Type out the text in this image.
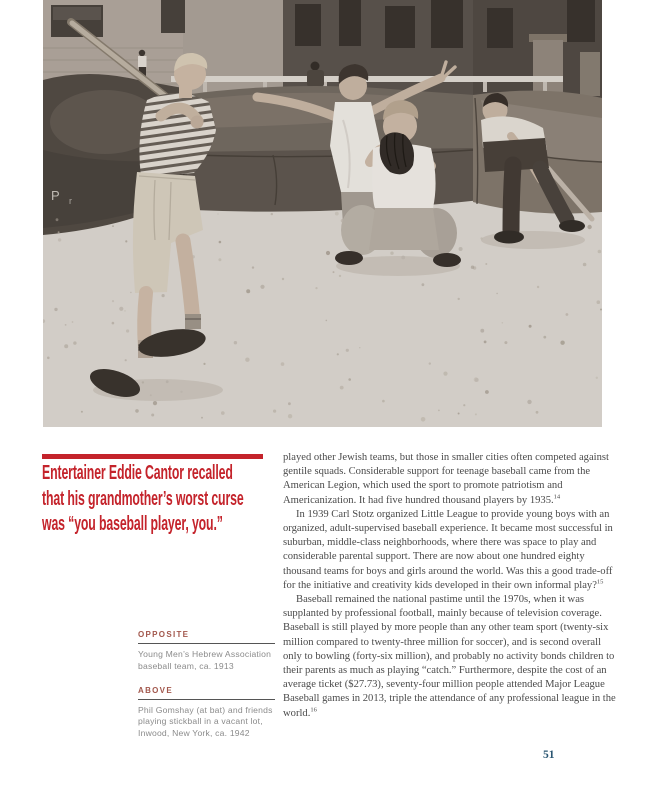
P r
Entertainer Eddie Cantor recalled
that his grandmother’s worst curse
was “you baseball player, you.”
OPPOSITE

Young Men’s Hebrew Association baseball team, ca. 1913

ABOVE

Phil Gomshay (at bat) and friends playing stickball in a vacant lot, Inwood, New York, ca. 1942

played other Jewish teams, but those in smaller cities often competed against gentile squads. Considerable support for teenage baseball came from the American Legion, which used the sport to promote patriotism and Americanization. It had five hundred thousand players by 1935.14

In 1939 Carl Stotz organized Little League to provide young boys with an organized, adult-supervised baseball experience. It became most successful in suburban, middle-class neighborhoods, where there was space to play and considerable parental support. There are now about one hundred eighty thousand teams for boys and girls around the world. Was this a good trade-off for the initiative and creativity kids developed in their own informal play?$^{15}$

Baseball remained the national pastime until the 1970s, when it was supplanted by professional football, mainly because of television coverage. Baseball is still played by more people than any other team sport (twenty-six million compared to twenty-three million for soccer), and is second overall only to bowling (forty-six million), and probably no activity bonds children to their parents as much as playing “catch.” Furthermore, despite the cost of an average ticket ($27.73), seventy-four million people attended Major League Baseball games in 2013, triple the attendance of any professional league in the world.$^{16}$

51
